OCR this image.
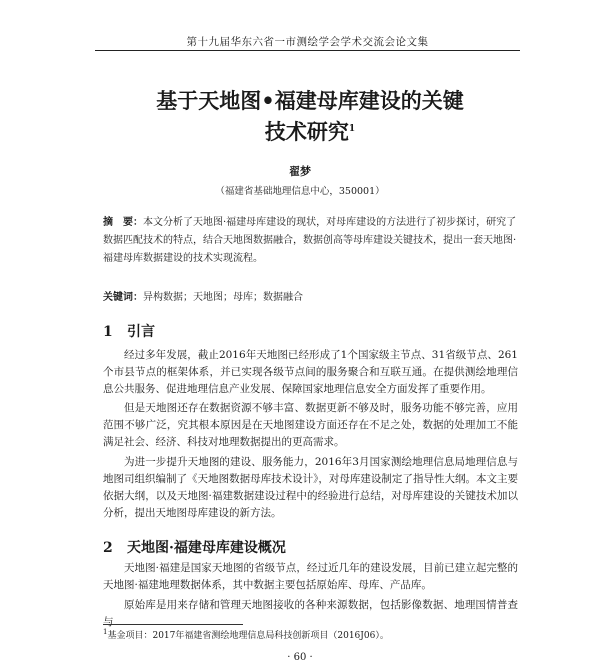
第十九届华东六省一市测绘学会学术交流会论文集
基于天地图•福建母库建设的关键
技术研究$^1$
翟梦
（福建省基础地理信息中心，350001）

摘　要：本文分析了天地图·福建母库建设的现状，对母库建设的方法进行了初步探讨，研究了数据匹配技术的特点，结合天地图数据融合，数据创高等母库建设关键技术，提出一套天地图·福建母库数据建设的技术实现流程。

关键词：异构数据；天地图；母库；数据融合

1 引言

经过多年发展，截止2016年天地图已经形成了1个国家级主节点、31省级节点、261个市县节点的框架体系，并已实现各级节点间的服务聚合和互联互通。在提供测绘地理信息公共服务、促进地理信息产业发展、保障国家地理信息安全方面发挥了重要作用。

但是天地图还存在数据资源不够丰富、数据更新不够及时，服务功能不够完善，应用范围不够广泛，究其根本原因是在天地图建设方面还存在不足之处，数据的处理加工不能满足社会、经济、科技对地理数据提出的更高需求。

为进一步提升天地图的建设、服务能力，2016年3月国家测绘地理信息局地理信息与地图司组织编制了《天地图数据母库技术设计》，对母库建设制定了指导性大纲。本文主要依据大纲，以及天地图·福建数据建设过程中的经验进行总结，对母库建设的关键技术加以分析，提出天地图母库建设的新方法。

2 天地图·福建母库建设概况

天地图·福建是国家天地图的省级节点，经过近几年的建设发展，目前已建立起完整的天地图·福建地理数据体系，其中数据主要包括原始库、母库、产品库。

原始库是用来存储和管理天地图接收的各种来源数据，包括影像数据、地理国情普查与

$^1$基金项目：2017年福建省测绘地理信息局科技创新项目（2016J06）。

· 60 ·
